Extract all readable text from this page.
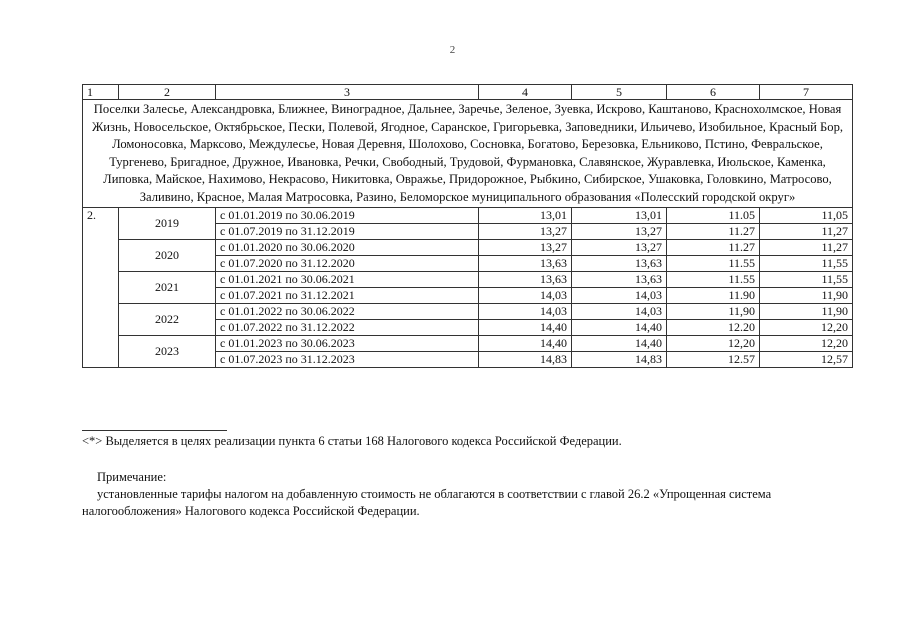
2
1	2	3	4	5	6	7
Поселки Залесье, Александровка, Ближнее, Виноградное, Дальнее, Заречье, Зеленое, Зуевка, Искрово, Каштаново, Краснохолмское, Новая Жизнь, Новосельское, Октябрьское, Пески, Полевой, Ягодное, Саранское, Григорьевка, Заповедники, Ильичево, Изобильное, Красный Бор, Ломоносовка, Марксово, Междулесье, Новая Деревня, Шолохово, Сосновка, Богатово, Березовка, Ельниково, Пстино, Февральское, Тургенево, Бригадное, Дружное, Ивановка, Речки, Свободный, Трудовой, Фурмановка, Славянское, Журавлевка, Июльское, Каменка, Липовка, Майское, Нахимово, Некрасово, Никитовка, Овражье, Придорожное, Рыбкино, Сибирское, Ушаковка, Головкино, Матросово, Заливино, Красное, Малая Матросовка, Разино, Беломорское муниципального образования «Полесский городской округ»						
2.	2019	с 01.01.2019 по 30.06.2019	13,01	13,01	11.05	11,05
		с 01.07.2019 по 31.12.2019	13,27	13,27	11.27	11,27
	2020	с 01.01.2020 по 30.06.2020	13,27	13,27	11.27	11,27
		с 01.07.2020 по 31.12.2020	13,63	13,63	11.55	11,55
	2021	с 01.01.2021 по 30.06.2021	13,63	13,63	11.55	11,55
		с 01.07.2021 по 31.12.2021	14,03	14,03	11.90	11,90
	2022	с 01.01.2022 по 30.06.2022	14,03	14,03	11,90	11,90
		с 01.07.2022 по 31.12.2022	14,40	14,40	12.20	12,20
	2023	с 01.01.2023 по 30.06.2023	14,40	14,40	12,20	12,20
		с 01.07.2023 по 31.12.2023	14,83	14,83	12.57	12,57
<*> Выделяется в целях реализации пункта 6 статьи 168 Налогового кодекса Российской Федерации.
Примечание:
установленные тарифы налогом на добавленную стоимость не облагаются в соответствии с главой 26.2 «Упрощенная система налогообложения» Налогового кодекса Российской Федерации.
